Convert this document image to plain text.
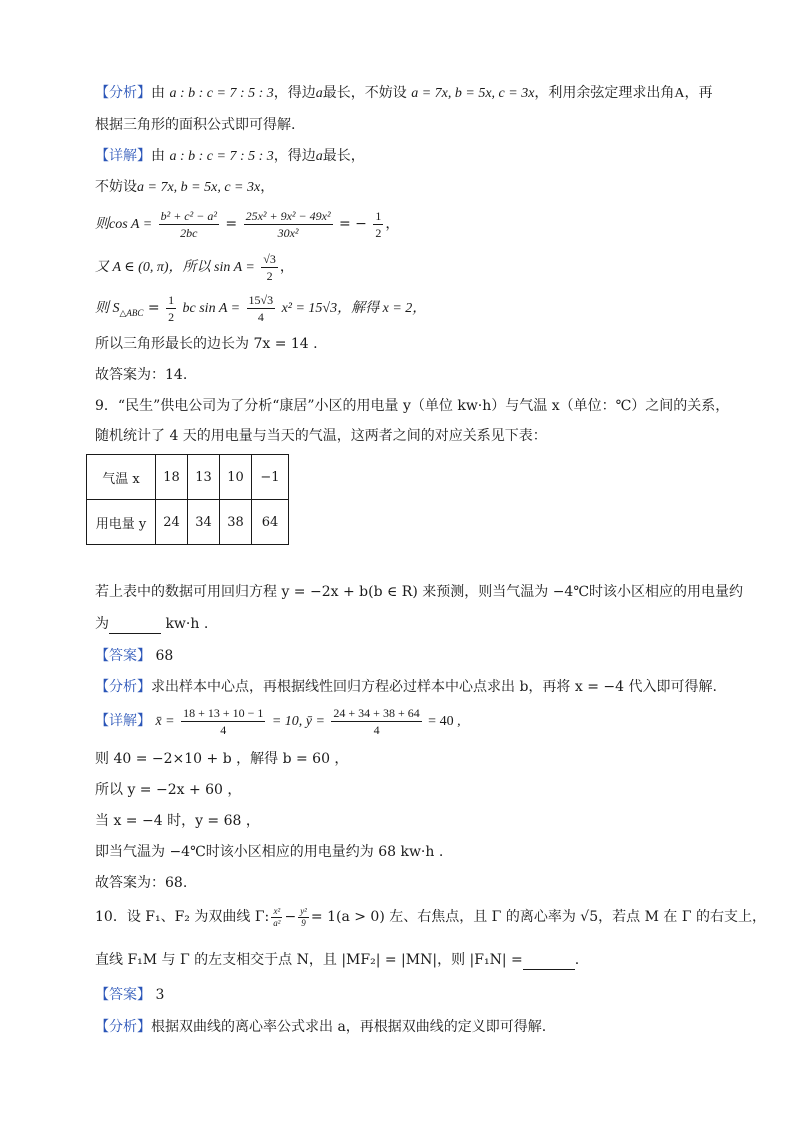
【分析】由 a : b : c = 7 : 5 : 3，得边a最长，不妨设 a = 7x, b = 5x, c = 3x，利用余弦定理求出角A，再
根据三角形的面积公式即可得解.
【详解】由 a : b : c = 7 : 5 : 3，得边a最长，
不妨设a = 7x, b = 5x, c = 3x，
则$\cos A = \frac{\text{b² + c² − a²}}{2bc} = \frac{\text{25x² + 9x² − 49x²}}{\text{30x²}}$ = − $\frac{1}{2}$ ，
又 A ∈ (0, π)，所以 $\sin A = \frac{√3}{2}$ ，
则 $S_{\triangle ABC} = \frac{1}{2}$ bc $\sin A = \frac{15√3}{4} x^2 = 15√3$，解得 x = 2，
所以三角形最长的边长为 7x = 14 .
故答案为：14.
9．“民生”供电公司为了分析“康居”小区的用电量 y（单位 kw·h）与气温 x（单位：℃）之间的关系，
随机统计了 4 天的用电量与当天的气温，这两者之间的对应关系见下表：
气温 x	18	13	10	−1
用电量 y	24	34	38	64
若上表中的数据可用回归方程 y = −2x + b(b ∈ R) 来预测，则当气温为 −4℃时该小区相应的用电量约
为	kw·h .
【答案】 68
【分析】求出样本中心点，再根据线性回归方程必过样本中心点求出 b，再将 x = −4 代入即可得解.
【详解】 x̄ = $\frac{18 + 13 + 10 - 1}{4} = 10$, ȳ = $\frac{24 + 34 + 38 + 64}{4} = 40$ ,
则 40 = −2×10 + b ，解得 b = 60 ，
所以 y = −2x + 60 ，
当 x = −4 时，y = 68 ，
即当气温为 −4℃时该小区相应的用电量约为 68 kw·h .
故答案为：68.
10．设 F₁、F₂ 为双曲线 Γ: $\frac{\text{x²}}{\text{a²}} - \frac{\text{y²}}{9} = 1(a > 0)$ 左、右焦点，且 Γ 的离心率为 √5，若点 M 在 Γ 的右支上，
直线 F₁M 与 Γ 的左支相交于点 N，且 |MF₂| = |MN|，则 |F₁N| =	.
【答案】 3
【分析】根据双曲线的离心率公式求出 a，再根据双曲线的定义即可得解.
